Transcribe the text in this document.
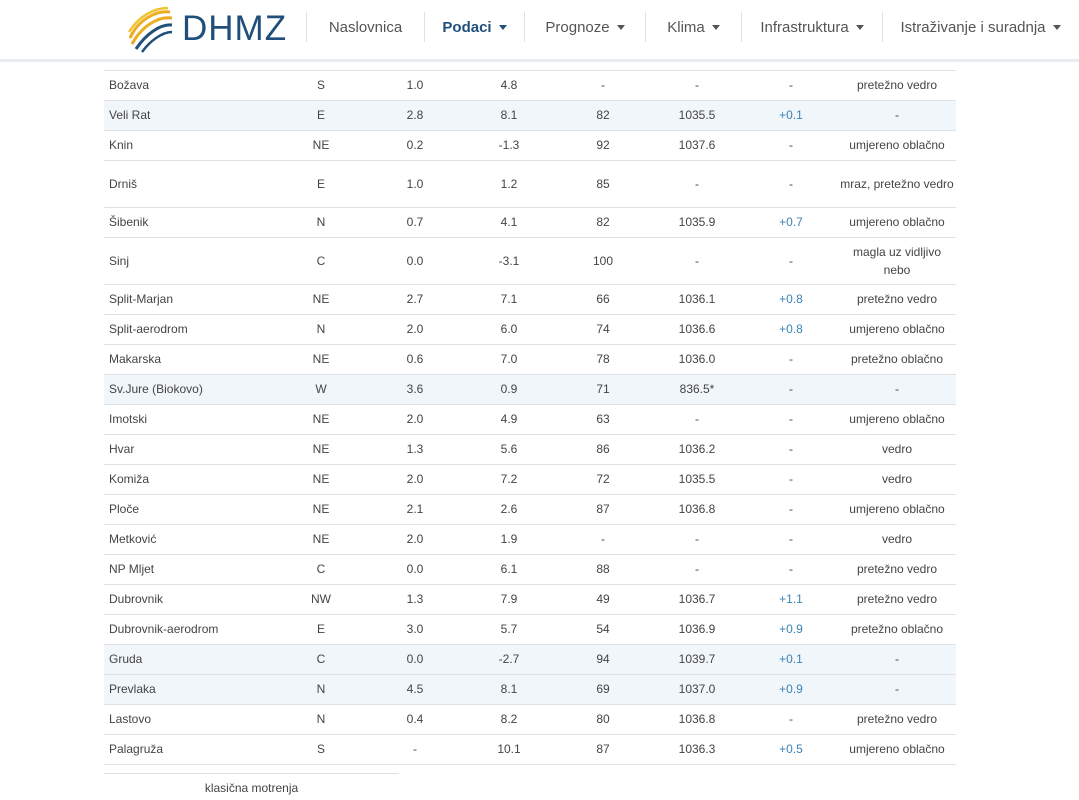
DHMZ	Naslovnica	Podaci	Prognoze	Klima	Infrastruktura	Istraživanje i suradnja
Božava	S	1.0	4.8	-	-	-	pretežno vedro
Veli Rat	E	2.8	8.1	82	1035.5	+0.1	-
Knin	NE	0.2	-1.3	92	1037.6	-	umjereno oblačno
Drniš	E	1.0	1.2	85	-	-	mraz, pretežno vedro
Šibenik	N	0.7	4.1	82	1035.9	+0.7	umjereno oblačno
Sinj	C	0.0	-3.1	100	-	-	magla uz vidljivo nebo
Split-Marjan	NE	2.7	7.1	66	1036.1	+0.8	pretežno vedro
Split-aerodrom	N	2.0	6.0	74	1036.6	+0.8	umjereno oblačno
Makarska	NE	0.6	7.0	78	1036.0	-	pretežno oblačno
Sv.Jure (Biokovo)	W	3.6	0.9	71	836.5*	-	-
Imotski	NE	2.0	4.9	63	-	-	umjereno oblačno
Hvar	NE	1.3	5.6	86	1036.2	-	vedro
Komiža	NE	2.0	7.2	72	1035.5	-	vedro
Ploče	NE	2.1	2.6	87	1036.8	-	umjereno oblačno
Metković	NE	2.0	1.9	-	-	-	vedro
NP Mljet	C	0.0	6.1	88	-	-	pretežno vedro
Dubrovnik	NW	1.3	7.9	49	1036.7	+1.1	pretežno vedro
Dubrovnik-aerodrom	E	3.0	5.7	54	1036.9	+0.9	pretežno oblačno
Gruda	C	0.0	-2.7	94	1039.7	+0.1	-
Prevlaka	N	4.5	8.1	69	1037.0	+0.9	-
Lastovo	N	0.4	8.2	80	1036.8	-	pretežno vedro
Palagruža	S	-	10.1	87	1036.3	+0.5	umjereno oblačno
klasična motrenja
